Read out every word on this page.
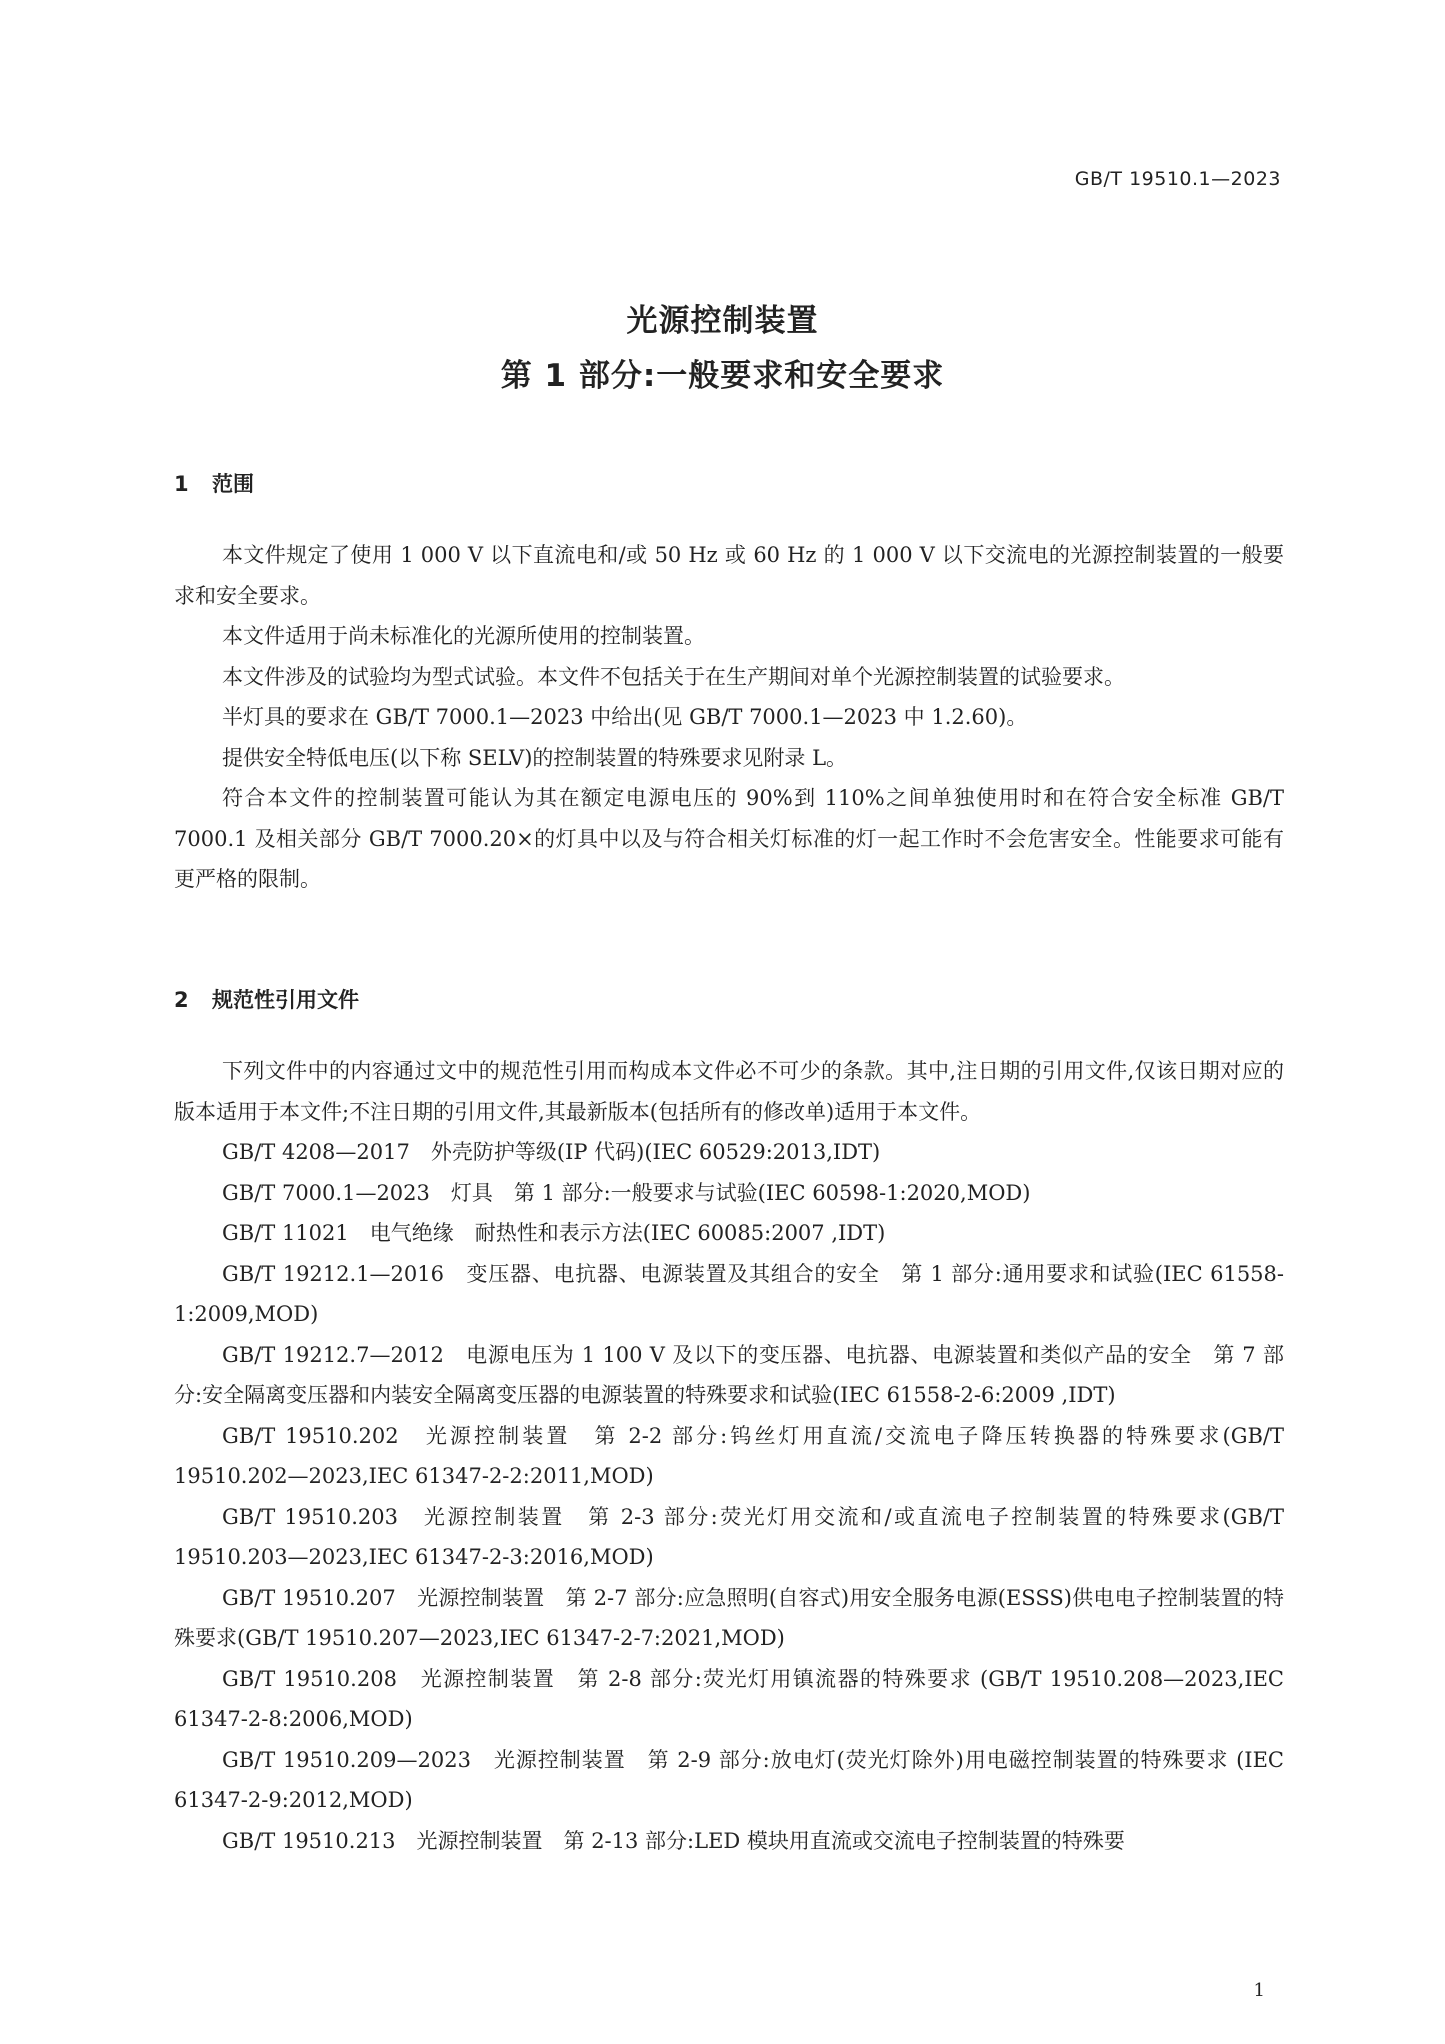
GB/T 19510.1—2023
光源控制装置
第 1 部分:一般要求和安全要求
1 范围

本文件规定了使用 1 000 V 以下直流电和/或 50 Hz 或 60 Hz 的 1 000 V 以下交流电的光源控制装置的一般要求和安全要求。

本文件适用于尚未标准化的光源所使用的控制装置。

本文件涉及的试验均为型式试验。本文件不包括关于在生产期间对单个光源控制装置的试验要求。

半灯具的要求在 GB/T 7000.1—2023 中给出(见 GB/T 7000.1—2023 中 1.2.60)。

提供安全特低电压(以下称 SELV)的控制装置的特殊要求见附录 L。

符合本文件的控制装置可能认为其在额定电源电压的 90%到 110%之间单独使用时和在符合安全标准 GB/T 7000.1 及相关部分 GB/T 7000.20×的灯具中以及与符合相关灯标准的灯一起工作时不会危害安全。性能要求可能有更严格的限制。

2 规范性引用文件

下列文件中的内容通过文中的规范性引用而构成本文件必不可少的条款。其中,注日期的引用文件,仅该日期对应的版本适用于本文件;不注日期的引用文件,其最新版本(包括所有的修改单)适用于本文件。

GB/T 4208—2017　外壳防护等级(IP 代码)(IEC 60529:2013,IDT)

GB/T 7000.1—2023　灯具　第 1 部分:一般要求与试验(IEC 60598-1:2020,MOD)

GB/T 11021　电气绝缘　耐热性和表示方法(IEC 60085:2007 ,IDT)

GB/T 19212.1—2016　变压器、电抗器、电源装置及其组合的安全　第 1 部分:通用要求和试验(IEC 61558-1:2009,MOD)

GB/T 19212.7—2012　电源电压为 1 100 V 及以下的变压器、电抗器、电源装置和类似产品的安全　第 7 部分:安全隔离变压器和内装安全隔离变压器的电源装置的特殊要求和试验(IEC 61558-2-6:2009 ,IDT)

GB/T 19510.202　光源控制装置　第 2-2 部分:钨丝灯用直流/交流电子降压转换器的特殊要求(GB/T 19510.202—2023,IEC 61347-2-2:2011,MOD)

GB/T 19510.203　光源控制装置　第 2-3 部分:荧光灯用交流和/或直流电子控制装置的特殊要求(GB/T 19510.203—2023,IEC 61347-2-3:2016,MOD)

GB/T 19510.207　光源控制装置　第 2-7 部分:应急照明(自容式)用安全服务电源(ESSS)供电电子控制装置的特殊要求(GB/T 19510.207—2023,IEC 61347-2-7:2021,MOD)

GB/T 19510.208　光源控制装置　第 2-8 部分:荧光灯用镇流器的特殊要求 (GB/T 19510.208—2023,IEC 61347-2-8:2006,MOD)

GB/T 19510.209—2023　光源控制装置　第 2-9 部分:放电灯(荧光灯除外)用电磁控制装置的特殊要求 (IEC 61347-2-9:2012,MOD)

GB/T 19510.213　光源控制装置　第 2-13 部分:LED 模块用直流或交流电子控制装置的特殊要

1
